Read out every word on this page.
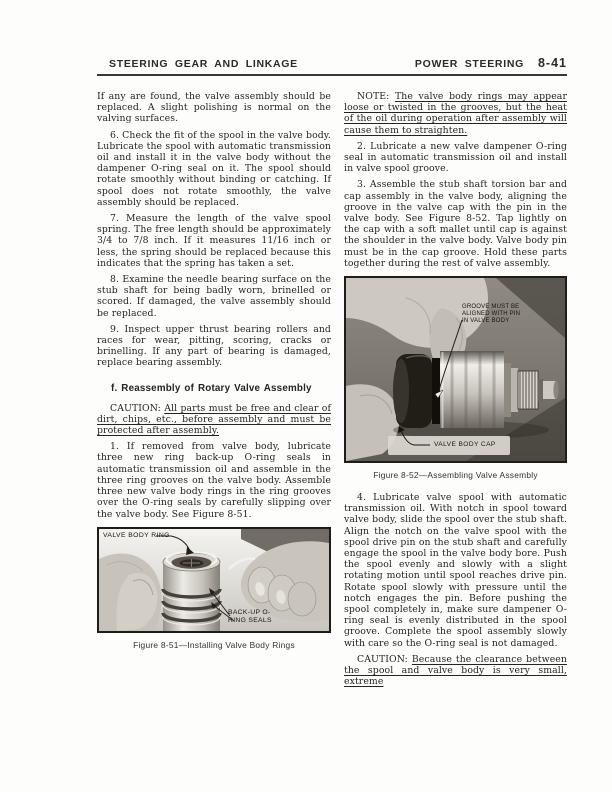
STEERING GEAR AND LINKAGE	POWER STEERING 8-41

If any are found, the valve assembly should be replaced. A slight polishing is normal on the valving surfaces.

6. Check the fit of the spool in the valve body. Lubricate the spool with automatic transmission oil and install it in the valve body without the dampener O-ring seal on it. The spool should rotate smoothly without binding or catching. If spool does not rotate smoothly, the valve assembly should be replaced.

7. Measure the length of the valve spool spring. The free length should be approximately 3/4 to 7/8 inch. If it measures 11/16 inch or less, the spring should be replaced because this indicates that the spring has taken a set.

8. Examine the needle bearing surface on the stub shaft for being badly worn, brinelled or scored. If damaged, the valve assembly should be replaced.

9. Inspect upper thrust bearing rollers and races for wear, pitting, scoring, cracks or brinelling. If any part of bearing is damaged, replace bearing assembly.

f. Reassembly of Rotary Valve Assembly

CAUTION: All parts must be free and clear of dirt, chips, etc., before assembly and must be protected after assembly.

1. If removed from valve body, lubricate three new ring back-up O-ring seals in automatic transmission oil and assemble in the three ring grooves on the valve body. Assemble three new valve body rings in the ring grooves over the O-ring seals by carefully slipping over the valve body. See Figure 8-51.

VALVE BODY RING
BACK-UP O-RING SEALS
Figure 8-51—Installing Valve Body Rings

NOTE: The valve body rings may appear loose or twisted in the grooves, but the heat of the oil during operation after assembly will cause them to straighten.

2. Lubricate a new valve dampener O-ring seal in automatic transmission oil and install in valve spool groove.

3. Assemble the stub shaft torsion bar and cap assembly in the valve body, aligning the groove in the valve cap with the pin in the valve body. See Figure 8-52. Tap lightly on the cap with a soft mallet until cap is against the shoulder in the valve body. Valve body pin must be in the cap groove. Hold these parts together during the rest of valve assembly.

GROOVE MUST BE ALIGNED WITH PIN IN VALVE BODY
VALVE BODY CAP
Figure 8-52—Assembling Valve Assembly

4. Lubricate valve spool with automatic transmission oil. With notch in spool toward valve body, slide the spool over the stub shaft. Align the notch on the valve spool with the spool drive pin on the stub shaft and carefully engage the spool in the valve body bore. Push the spool evenly and slowly with a slight rotating motion until spool reaches drive pin. Rotate spool slowly with pressure until the notch engages the pin. Before pushing the spool completely in, make sure dampener O-ring seal is evenly distributed in the spool groove. Complete the spool assembly slowly with care so the O-ring seal is not damaged.

CAUTION: Because the clearance between the spool and valve body is very small, extreme
